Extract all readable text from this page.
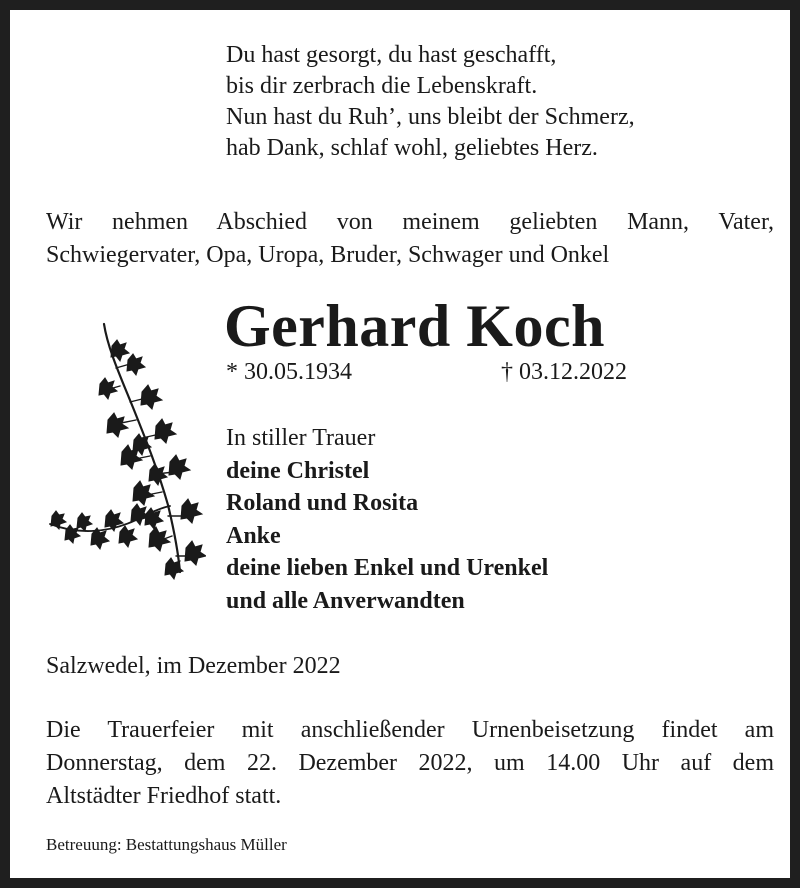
Du hast gesorgt, du hast geschafft,
bis dir zerbrach die Lebenskraft.
Nun hast du Ruh’, uns bleibt der Schmerz,
hab Dank, schlaf wohl, geliebtes Herz.
Wir nehmen Abschied von meinem geliebten Mann, Vater,
Schwiegervater, Opa, Uropa, Bruder, Schwager und Onkel
Gerhard Koch
* 30.05.1934	† 03.12.2022
In stiller Trauer
deine Christel
Roland und Rosita
Anke
deine lieben Enkel und Urenkel
und alle Anverwandten
Salzwedel, im Dezember 2022
Die Trauerfeier mit anschließender Urnenbeisetzung findet am
Donnerstag, dem 22. Dezember 2022, um 14.00 Uhr auf dem
Altstädter Friedhof statt.
Betreuung: Bestattungshaus Müller
